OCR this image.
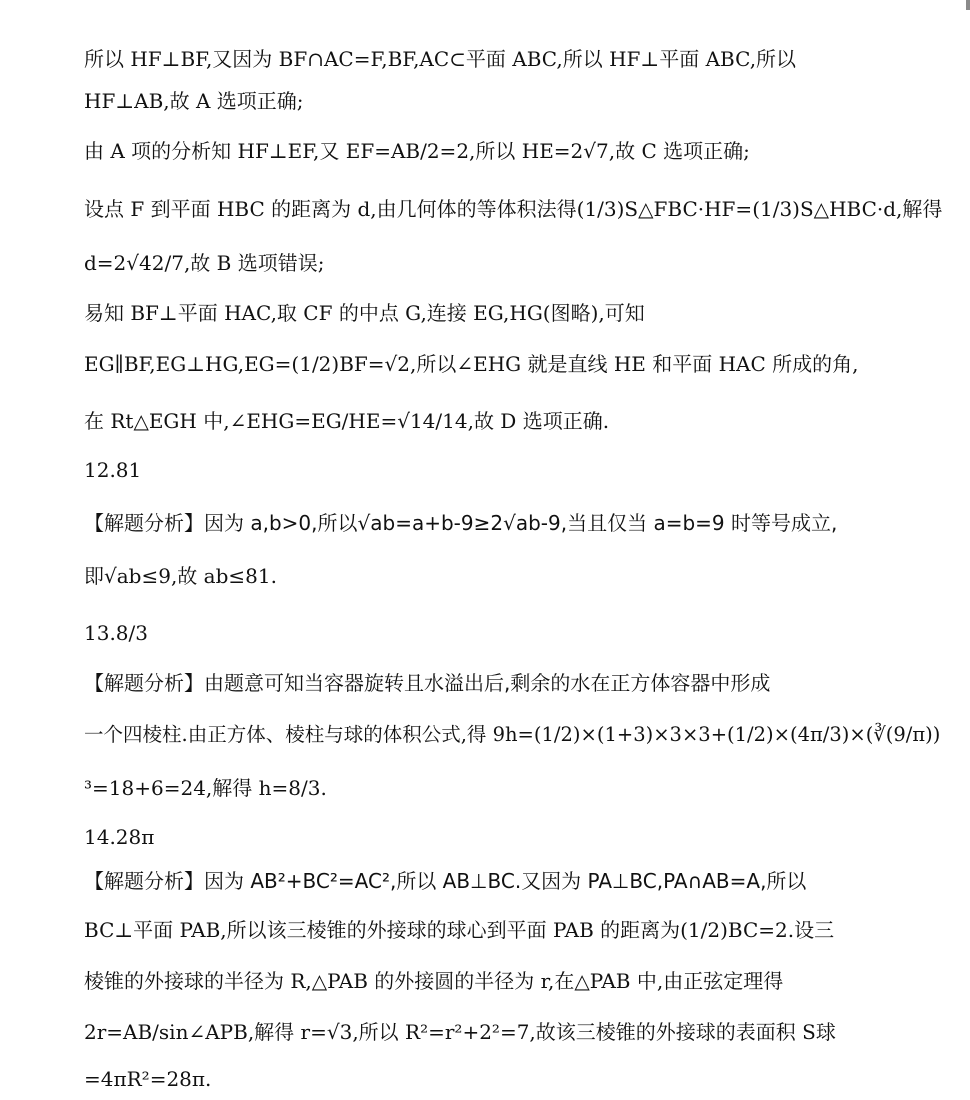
所以 HF⊥BF,又因为 BF∩AC=F,BF,AC⊂平面 ABC,所以 HF⊥平面 ABC,所以
HF⊥AB,故 A 选项正确;
由 A 项的分析知 HF⊥EF,又 EF=AB/2=2,所以 HE=2√7,故 C 选项正确;
设点 F 到平面 HBC 的距离为 d,由几何体的等体积法得(1/3)S△FBC·HF=(1/3)S△HBC·d,解得
d=2√42/7,故 B 选项错误;
易知 BF⊥平面 HAC,取 CF 的中点 G,连接 EG,HG(图略),可知
EG∥BF,EG⊥HG,EG=(1/2)BF=√2,所以∠EHG 就是直线 HE 和平面 HAC 所成的角,
在 Rt△EGH 中,∠EHG=EG/HE=√14/14,故 D 选项正确.
12.81
【解题分析】因为 a,b>0,所以√ab=a+b-9≥2√ab-9,当且仅当 a=b=9 时等号成立,
即√ab≤9,故 ab≤81.
13.8/3
【解题分析】由题意可知当容器旋转且水溢出后,剩余的水在正方体容器中形成
一个四棱柱.由正方体、棱柱与球的体积公式,得 9h=(1/2)×(1+3)×3×3+(1/2)×(4π/3)×(∛(9/π))
³=18+6=24,解得 h=8/3.
14.28π
【解题分析】因为 AB²+BC²=AC²,所以 AB⊥BC.又因为 PA⊥BC,PA∩AB=A,所以
BC⊥平面 PAB,所以该三棱锥的外接球的球心到平面 PAB 的距离为(1/2)BC=2.设三
棱锥的外接球的半径为 R,△PAB 的外接圆的半径为 r,在△PAB 中,由正弦定理得
2r=AB/sin∠APB,解得 r=√3,所以 R²=r²+2²=7,故该三棱锥的外接球的表面积 S球
=4πR²=28π.
